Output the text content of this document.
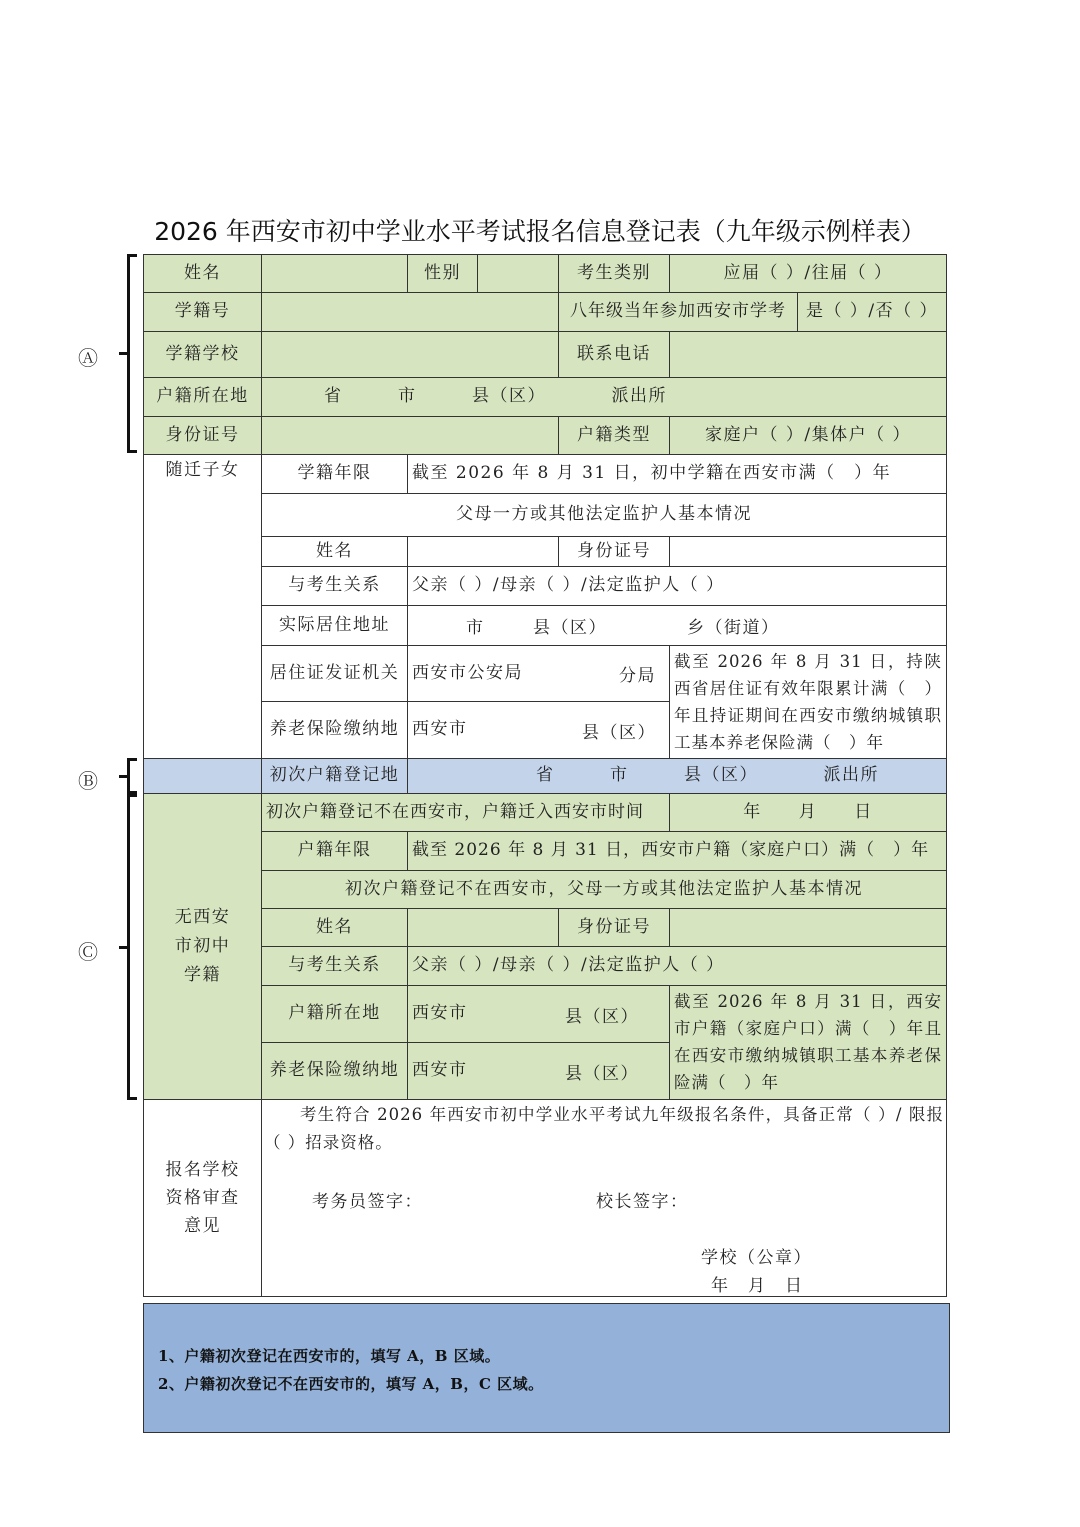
2026 年西安市初中学业水平考试报名信息登记表（九年级示例样表）
Ⓐ
Ⓑ
Ⓒ
姓名	性别	考生类别	应届（ ）/往届（ ）
学籍号	八年级当年参加西安市学考	是（ ）/否（ ）
学籍学校	联系电话
户籍所在地	省　　　市　　　县（区）　　　　派出所
身份证号	户籍类型	家庭户（ ）/集体户（ ）
随迁子女	学籍年限	截至 2026 年 8 月 31 日，初中学籍在西安市满（　）年
父母一方或其他法定监护人基本情况
姓名	身份证号
与考生关系	父亲（ ）/母亲（ ）/法定监护人（ ）
实际居住地址	市	县（区）	乡（街道）
居住证发证机关 西安市公安局	分局
养老保险缴纳地 西安市	县（区）
截至 2026 年 8 月 31 日，持陕西省居住证有效年限累计满（　）年且持证期间在西安市缴纳城镇职工基本养老保险满（　）年
初次户籍登记地	省　　　市　　　县（区）　　　　派出所
无西安市初中学籍
初次户籍登记不在西安市，户籍迁入西安市时间	年　　月　　日
户籍年限	截至 2026 年 8 月 31 日，西安市户籍（家庭户口）满（　）年
初次户籍登记不在西安市，父母一方或其他法定监护人基本情况
姓名	身份证号
与考生关系	父亲（ ）/母亲（ ）/法定监护人（ ）
户籍所在地	西安市	县（区）
养老保险缴纳地 西安市	县（区）
截至 2026 年 8 月 31 日，西安市户籍（家庭户口）满（　）年且在西安市缴纳城镇职工基本养老保险满（　）年
报名学校资格审查意见
考生符合 2026 年西安市初中学业水平考试九年级报名条件，具备正常（ ）/ 限报（ ）招录资格。
考务员签字：	校长签字：
学校（公章）
年　月　日
1、户籍初次登记在西安市的，填写 A，B 区域。
2、户籍初次登记不在西安市的，填写 A，B，C 区域。
